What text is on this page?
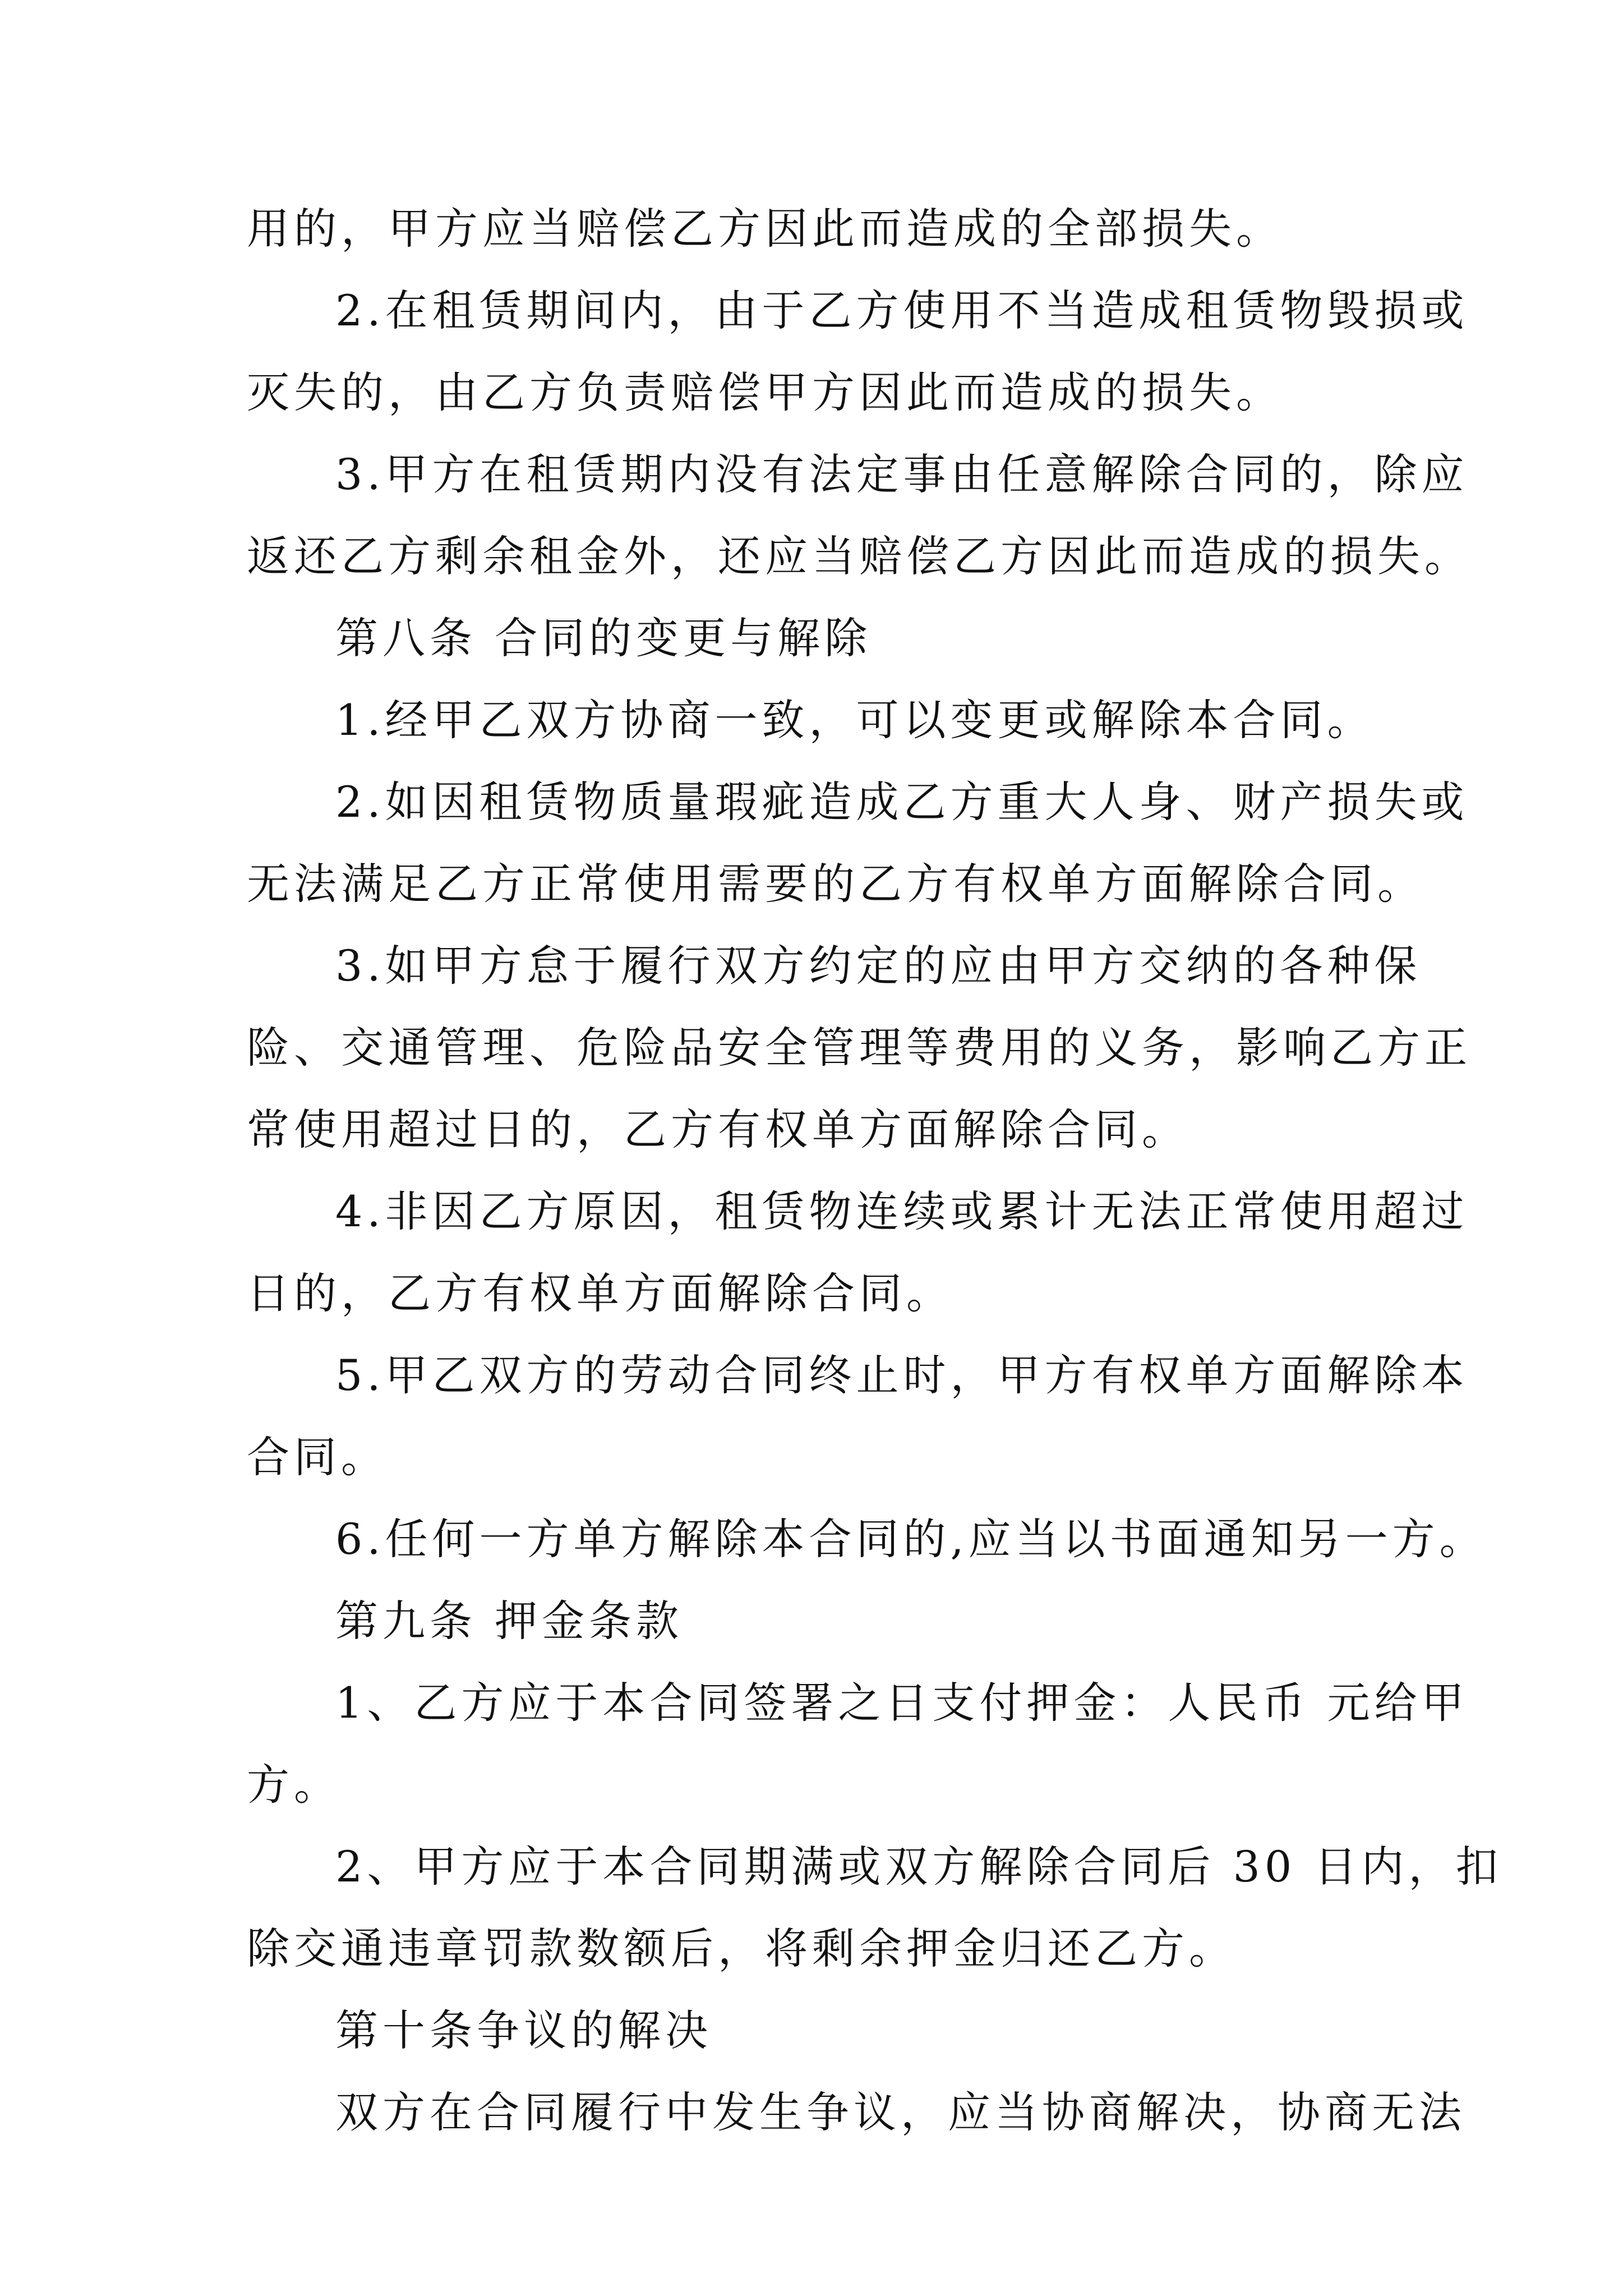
用的，甲方应当赔偿乙方因此而造成的全部损失。
2.在租赁期间内，由于乙方使用不当造成租赁物毁损或
灭失的，由乙方负责赔偿甲方因此而造成的损失。
3.甲方在租赁期内没有法定事由任意解除合同的，除应
返还乙方剩余租金外，还应当赔偿乙方因此而造成的损失。
第八条 合同的变更与解除
1.经甲乙双方协商一致，可以变更或解除本合同。
2.如因租赁物质量瑕疵造成乙方重大人身、财产损失或
无法满足乙方正常使用需要的乙方有权单方面解除合同。
3.如甲方怠于履行双方约定的应由甲方交纳的各种保
险、交通管理、危险品安全管理等费用的义务，影响乙方正
常使用超过日的，乙方有权单方面解除合同。
4.非因乙方原因，租赁物连续或累计无法正常使用超过
日的，乙方有权单方面解除合同。
5.甲乙双方的劳动合同终止时，甲方有权单方面解除本
合同。
6.任何一方单方解除本合同的,应当以书面通知另一方。
第九条 押金条款
1、乙方应于本合同签署之日支付押金：人民币 元给甲
方。
2、甲方应于本合同期满或双方解除合同后 30 日内，扣
除交通违章罚款数额后，将剩余押金归还乙方。
第十条争议的解决
双方在合同履行中发生争议，应当协商解决，协商无法
